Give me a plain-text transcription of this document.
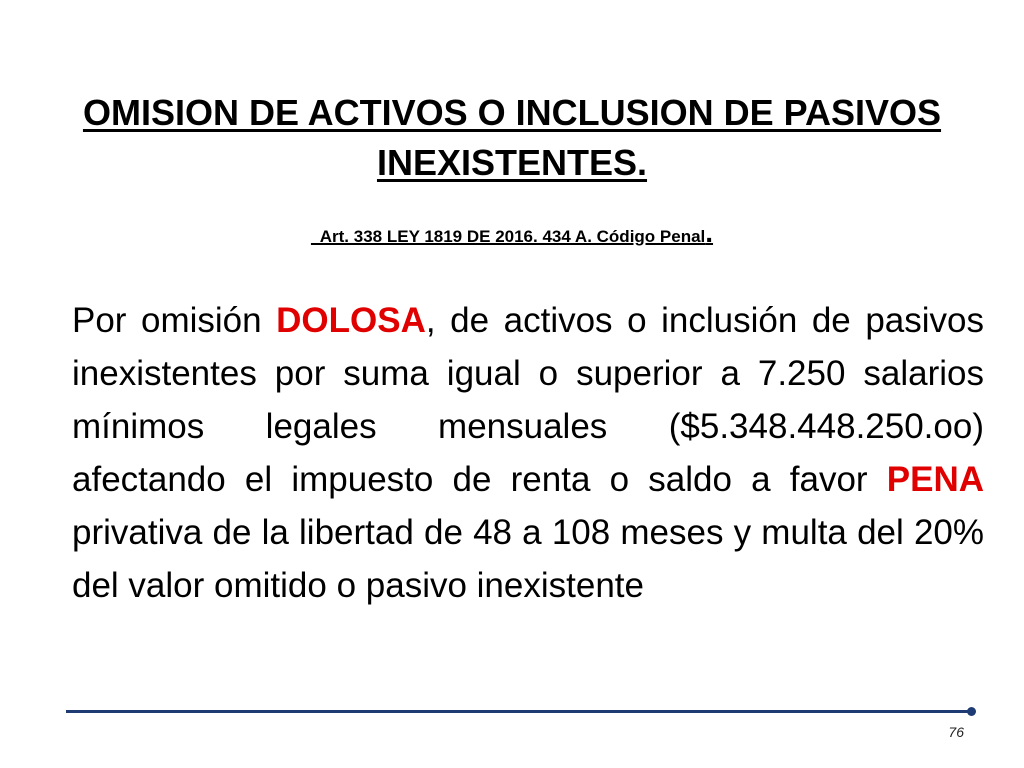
OMISION DE ACTIVOS O INCLUSION DE PASIVOS INEXISTENTES.

Art. 338 LEY 1819 DE 2016. 434 A. Código Penal.

Por omisión DOLOSA, de activos o inclusión de pasivos inexistentes por suma igual o superior a 7.250 salarios mínimos legales mensuales ($5.348.448.250.oo) afectando el impuesto de renta o saldo a favor PENA privativa de la libertad de 48 a 108 meses y multa del 20% del valor omitido o pasivo inexistente

76
